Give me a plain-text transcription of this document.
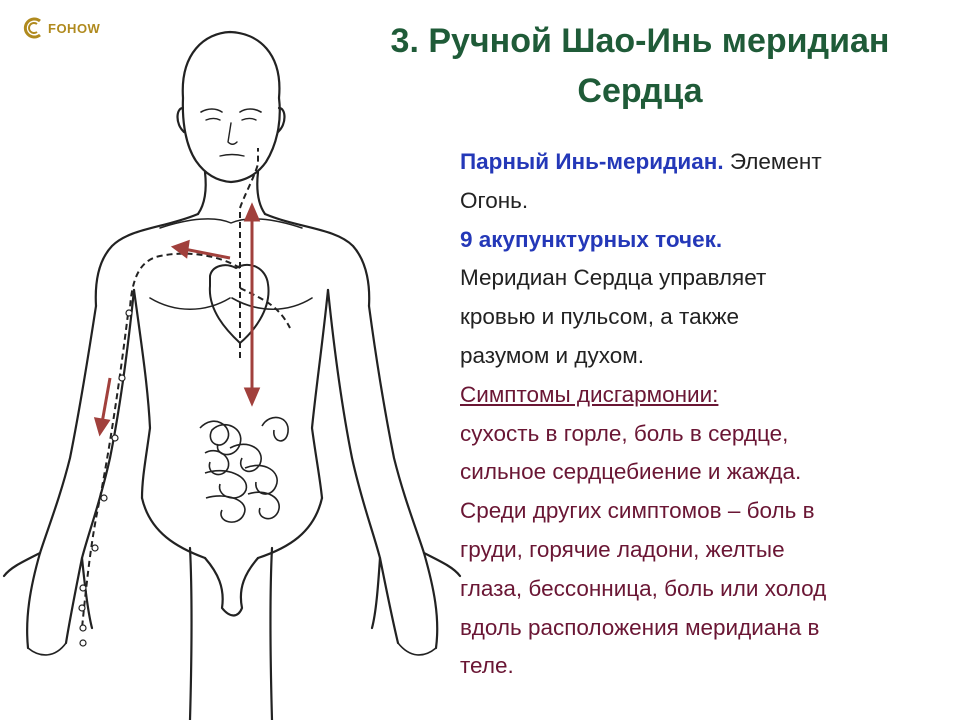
FOHOW	3. Ручной Шао-Инь меридиан Сердца
Парный Инь-меридиан. Элемент
Огонь.
9 акупунктурных точек.
Меридиан Сердца управляет
кровью и пульсом, а также
разумом и духом.
Симптомы дисгармонии:
сухость в горле, боль в сердце,
сильное сердцебиение и жажда.
Среди других симптомов – боль в
груди, горячие ладони, желтые
глаза, бессонница, боль или холод
вдоль расположения меридиана в
теле.
